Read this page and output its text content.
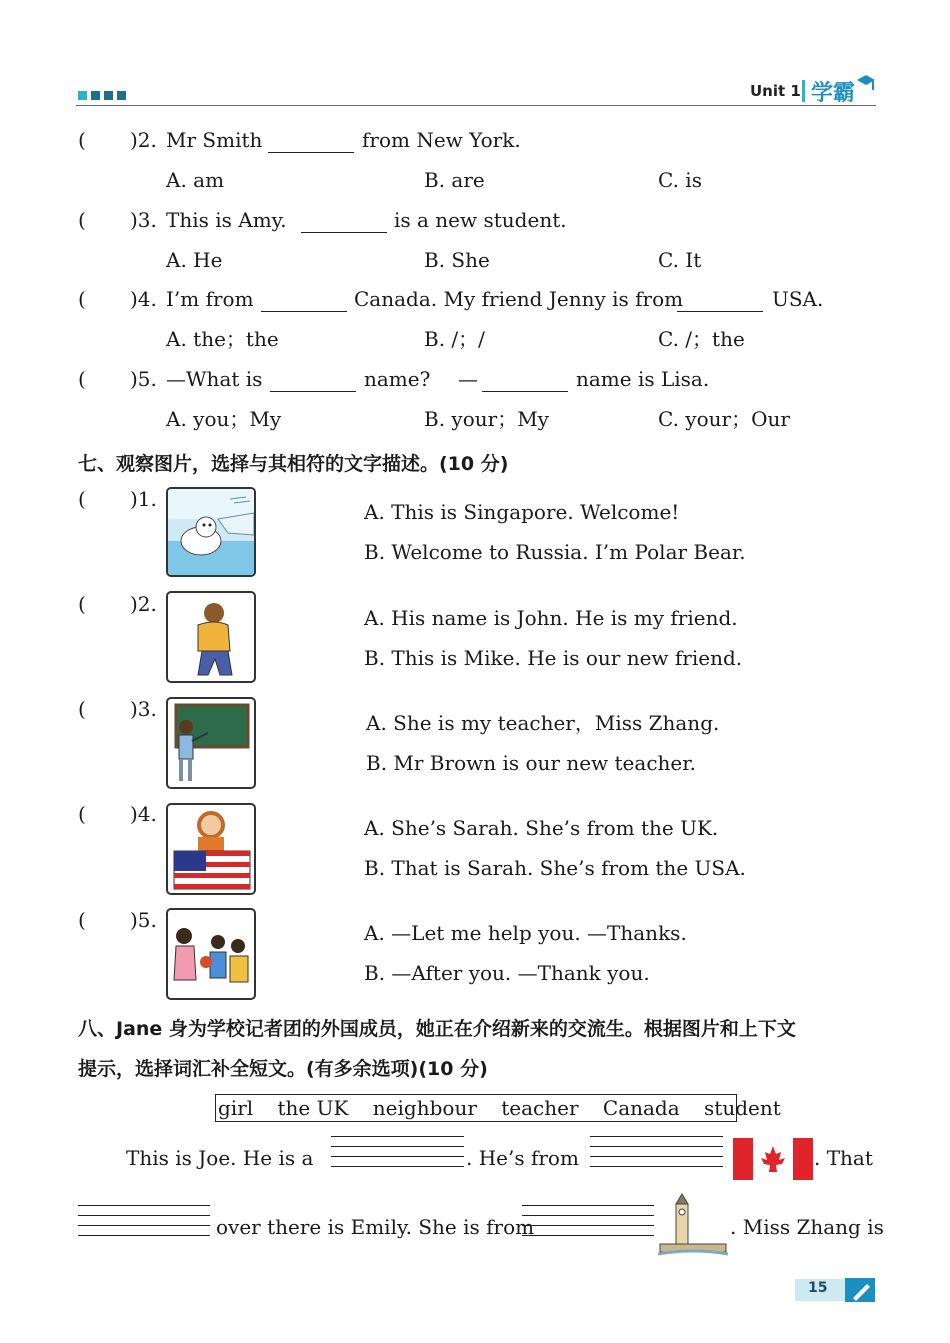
Unit 1 学霸
( )2. Mr Smith	from New York.
A. am	B. are	C. is
( )3. This is Amy.	is a new student.
A. He	B. She	C. It
( )4. I’m from	Canada. My friend Jenny is from	USA.
A. the；the	B. /；/	C. /；the
( )5. —What is	name? —	name is Lisa.
A. you；My	B. your；My	C. your；Our
七、观察图片，选择与其相符的文字描述。(10 分)
( )1.
A. This is Singapore. Welcome!
B. Welcome to Russia. I’m Polar Bear.
( )2.
A. His name is John. He is my friend.
B. This is Mike. He is our new friend.
( )3.
A. She is my teacher，Miss Zhang.
B. Mr Brown is our new teacher.
( )4.
A. She’s Sarah. She’s from the UK.
B. That is Sarah. She’s from the USA.
( )5.
A. —Let me help you. —Thanks.
B. —After you. —Thank you.
八、Jane 身为学校记者团的外国成员，她正在介绍新来的交流生。根据图片和上下文
提示，选择词汇补全短文。(有多余选项)(10 分)
girl the UK neighbour teacher Canada student
This is Joe. He is a	. He’s from	. That
over there is Emily. She is from	. Miss Zhang is
15
